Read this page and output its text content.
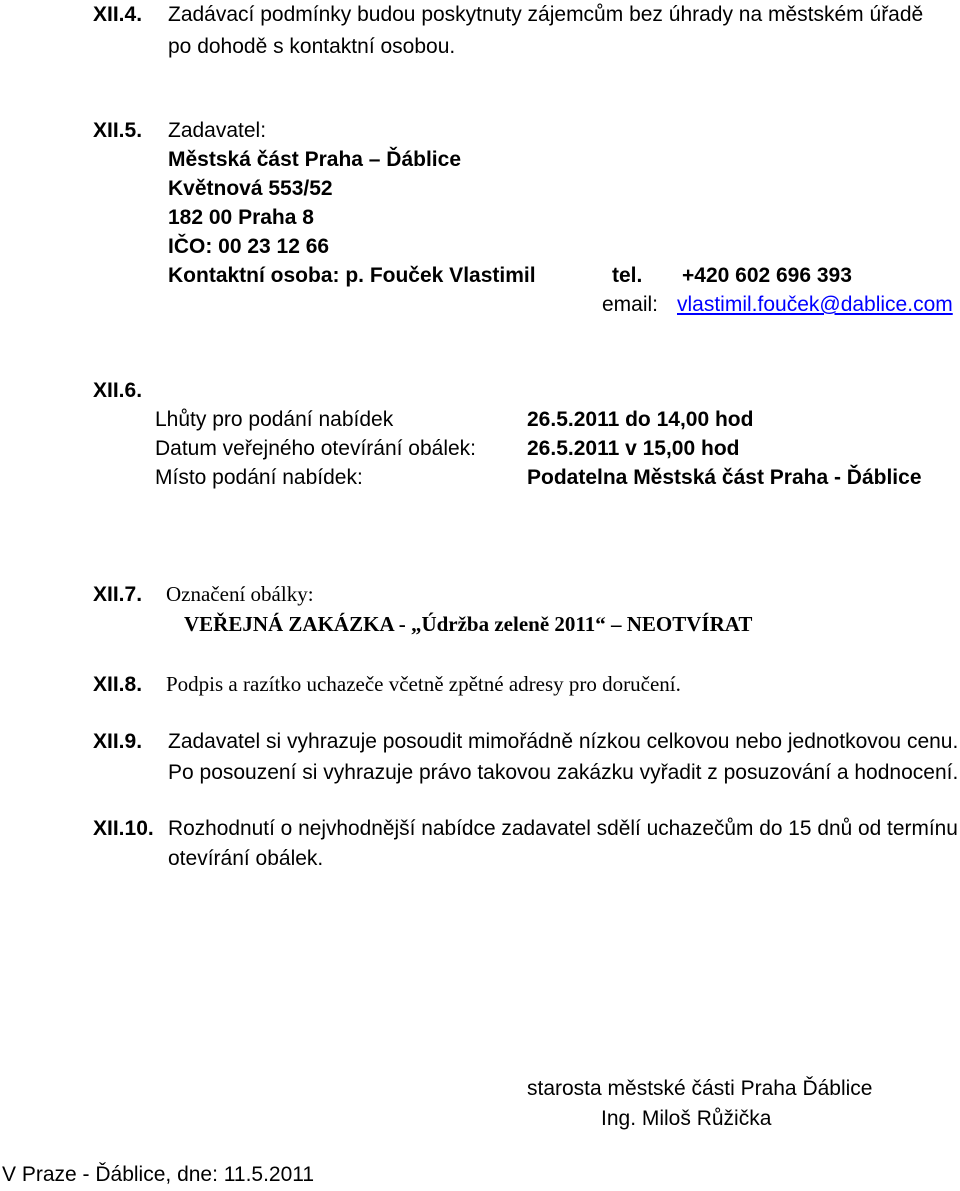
XII.4. Zadávací podmínky budou poskytnuty zájemcům bez úhrady na městském úřadě
po dohodě s kontaktní osobou.
XII.5. Zadavatel:
Městská část Praha – Ďáblice
Květnová 553/52
182 00 Praha 8
IČO: 00 23 12 66
Kontaktní osoba: p. Fouček Vlastimil	tel. +420 602 696 393
email: vlastimil.fouček@dablice.com
XII.6.
Lhůty pro podání nabídek	26.5.2011 do 14,00 hod
Datum veřejného otevírání obálek: 26.5.2011 v 15,00 hod
Místo podání nabídek:	Podatelna Městská část Praha - Ďáblice
XII.7. Označení obálky:
VEŘEJNÁ ZAKÁZKA - „Údržba zeleně 2011“ – NEOTVÍRAT
XII.8. Podpis a razítko uchazeče včetně zpětné adresy pro doručení.
XII.9. Zadavatel si vyhrazuje posoudit mimořádně nízkou celkovou nebo jednotkovou cenu.
Po posouzení si vyhrazuje právo takovou zakázku vyřadit z posuzování a hodnocení.
XII.10. Rozhodnutí o nejvhodnější nabídce zadavatel sdělí uchazečům do 15 dnů od termínu
otevírání obálek.
starosta městské části Praha Ďáblice
Ing. Miloš Růžička
V Praze - Ďáblice, dne: 11.5.2011
